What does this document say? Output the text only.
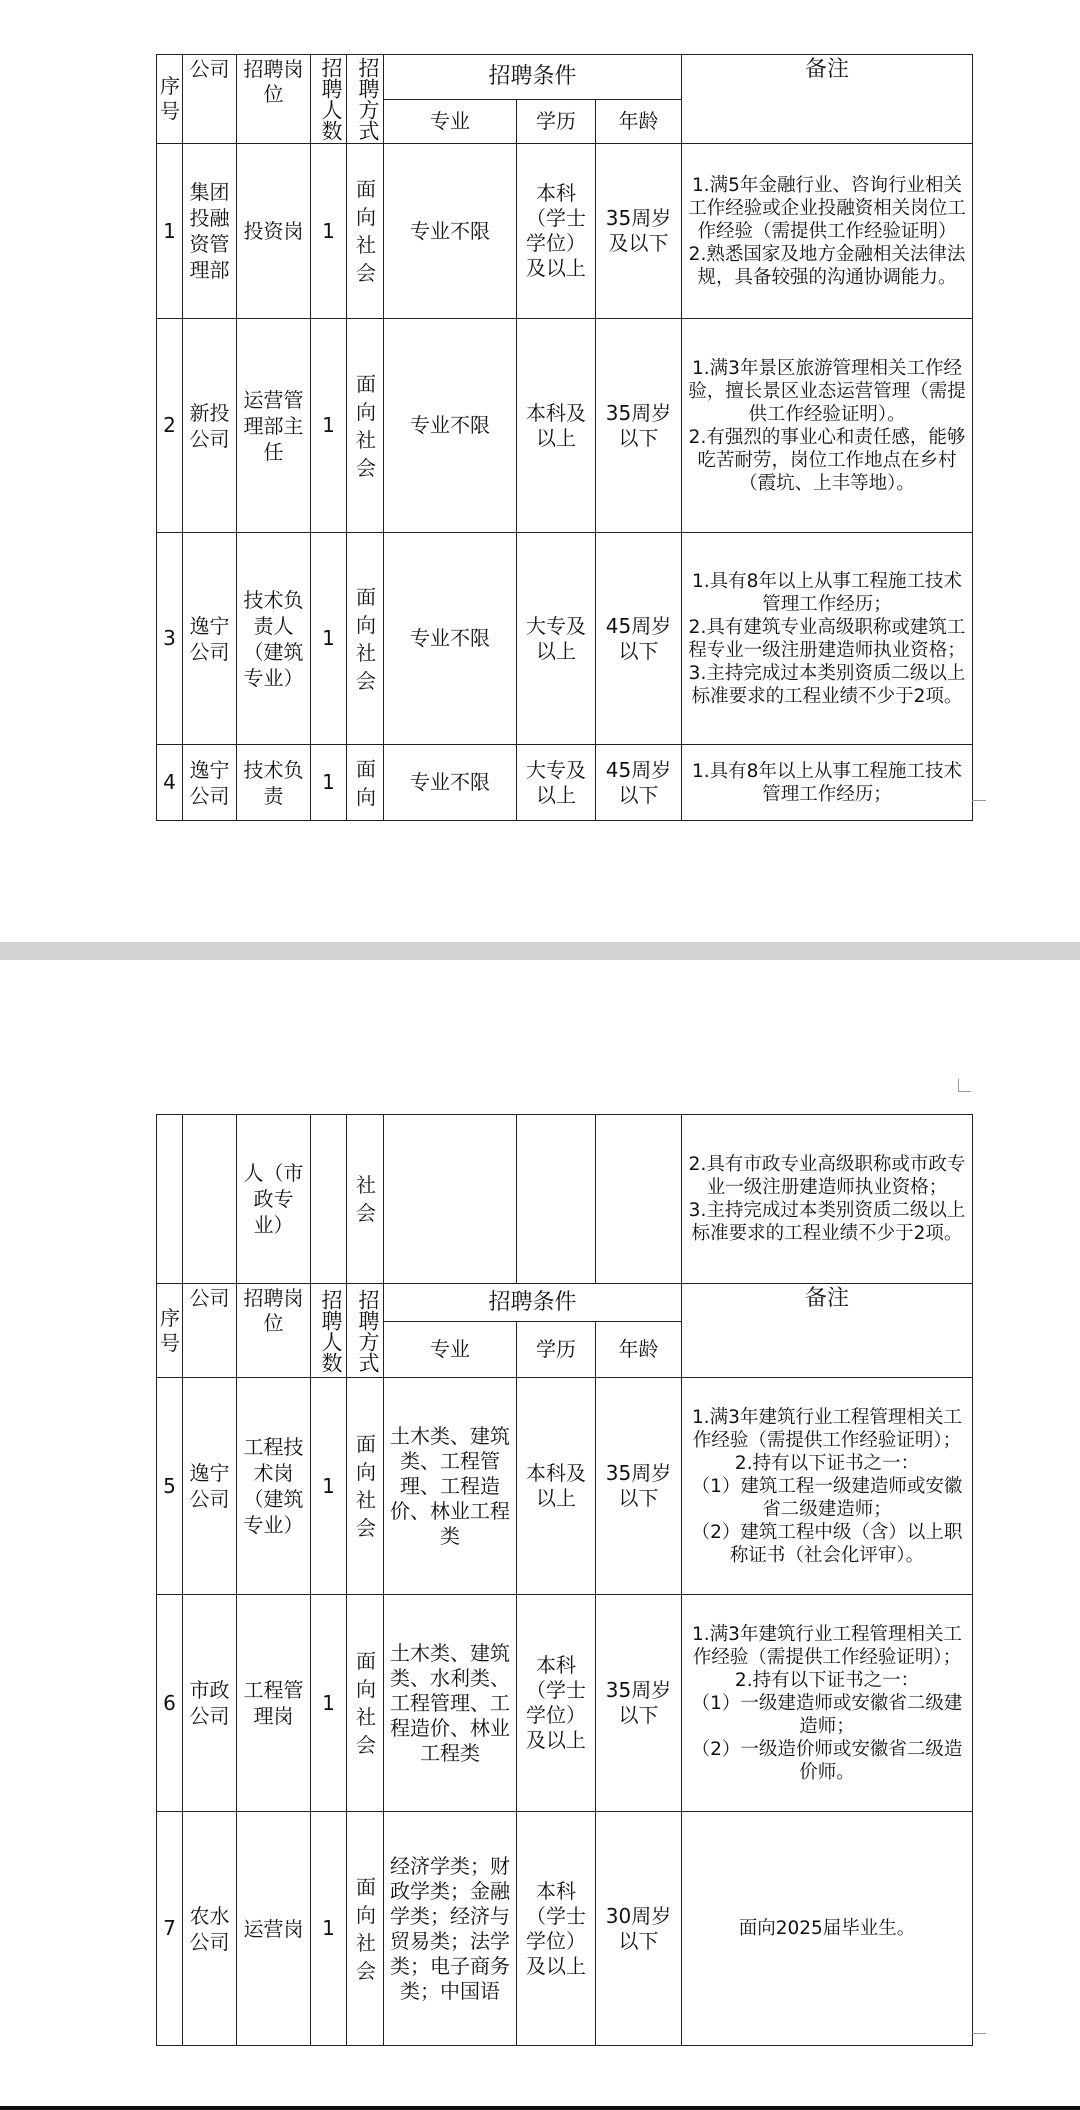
序号	公司	招聘岗位	招聘人数	招聘方式	招聘条件			备注
					专业	学历	年龄	
1	集团投融资管理部	投资岗	1	面向社会	专业不限	本科（学士学位）及以上	35周岁及以下	1.满5年金融行业、咨询行业相关工作经验或企业投融资相关岗位工作经验（需提供工作经验证明）
2.熟悉国家及地方金融相关法律法规，具备较强的沟通协调能力。

2	新投公司	运营管理部主任	1	面向社会	专业不限	本科及以上	35周岁以下	1.满3年景区旅游管理相关工作经验，擅长景区业态运营管理（需提供工作经验证明）。
2.有强烈的事业心和责任感，能够吃苦耐劳，岗位工作地点在乡村（霞坑、上丰等地）。

3	逸宁公司	技术负责人（建筑专业）	1	面向社会	专业不限	大专及以上	45周岁以下	1.具有8年以上从事工程施工技术管理工作经历；
2.具有建筑专业高级职称或建筑工程专业一级注册建造师执业资格；
3.主持完成过本类别资质二级以上标准要求的工程业绩不少于2项。

4	逸宁公司	技术负责	1	面向	专业不限	大专及以上	45周岁以下	1.具有8年以上从事工程施工技术管理工作经历；
		人（市政专业）		社会				2.具有市政专业高级职称或市政专业一级注册建造师执业资格；
3.主持完成过本类别资质二级以上标准要求的工程业绩不少于2项。

序号	公司	招聘岗位	招聘人数	招聘方式	招聘条件			备注
					专业	学历	年龄	
5	逸宁公司	工程技术岗（建筑专业）	1	面向社会	土木类、建筑类、工程管理、工程造价、林业工程类	本科及以上	35周岁以下	1.满3年建筑行业工程管理相关工作经验（需提供工作经验证明）；
2.持有以下证书之一：
（1）建筑工程一级建造师或安徽省二级建造师；
（2）建筑工程中级（含）以上职称证书（社会化评审）。

6	市政公司	工程管理岗	1	面向社会	土木类、建筑类、水利类、工程管理、工程造价、林业工程类	本科（学士学位）及以上	35周岁以下	1.满3年建筑行业工程管理相关工作经验（需提供工作经验证明）；
2.持有以下证书之一：
（1）一级建造师或安徽省二级建造师；
（2）一级造价师或安徽省二级造价师。

7	农水公司	运营岗	1	面向社会	经济学类；财政学类；金融学类；经济与贸易类；法学类；电子商务类；中国语	本科（学士学位）及以上	30周岁以下	面向2025届毕业生。
